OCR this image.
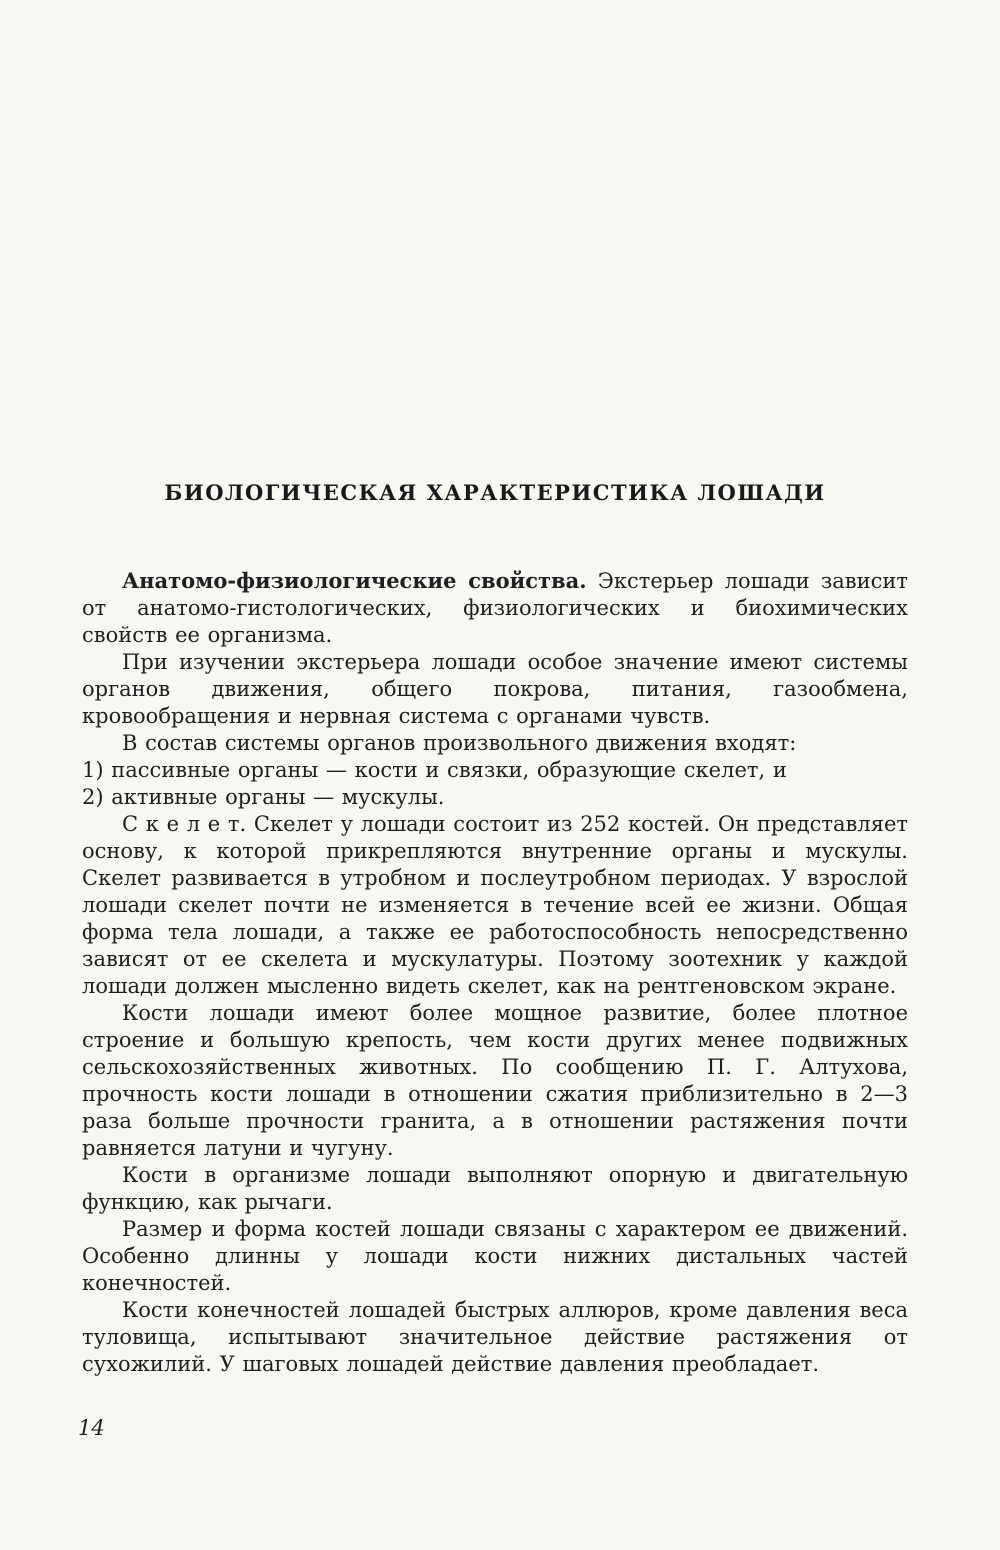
БИОЛОГИЧЕСКАЯ ХАРАКТЕРИСТИКА ЛОШАДИ

Анатомо-физиологические свойства. Экстерьер лошади зависит от анатомо-гистологических, физиологических и биохимических свойств ее организма.

При изучении экстерьера лошади особое значение имеют системы органов движения, общего покрова, питания, газообмена, кровообращения и нервная система с органами чувств.

В состав системы органов произвольного движения входят:

1) пассивные органы — кости и связки, образующие скелет, и

2) активные органы — мускулы.

С к е л е т. Скелет у лошади состоит из 252 костей. Он представляет основу, к которой прикрепляются внутренние органы и мускулы. Скелет развивается в утробном и послеутробном периодах. У взрослой лошади скелет почти не изменяется в течение всей ее жизни. Общая форма тела лошади, а также ее работоспособность непосредственно зависят от ее скелета и мускулатуры. Поэтому зоотехник у каждой лошади должен мысленно видеть скелет, как на рентгеновском экране.

Кости лошади имеют более мощное развитие, более плотное строение и большую крепость, чем кости других менее подвижных сельскохозяйственных животных. По сообщению П. Г. Алтухова, прочность кости лошади в отношении сжатия приблизительно в 2—3 раза больше прочности гранита, а в отношении растяжения почти равняется латуни и чугуну.

Кости в организме лошади выполняют опорную и двигательную функцию, как рычаги.

Размер и форма костей лошади связаны с характером ее движений. Особенно длинны у лошади кости нижних дистальных частей конечностей.

Кости конечностей лошадей быстрых аллюров, кроме давления веса туловища, испытывают значительное действие растяжения от сухожилий. У шаговых лошадей действие давления преобладает.

14
